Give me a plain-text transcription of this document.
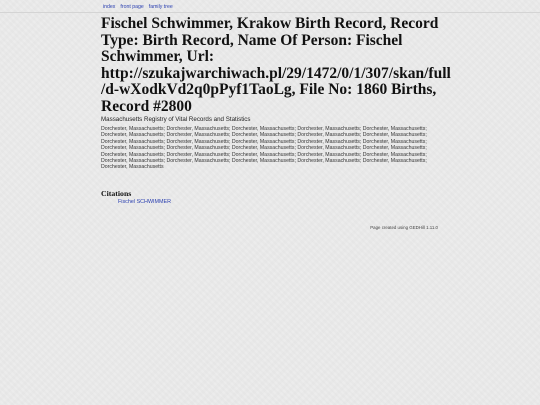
index front page family tree
Fischel Schwimmer, Krakow Birth Record, Record Type: Birth Record, Name Of Person: Fischel Schwimmer, Url: http://szukajwarchiwach.pl/29/1472/0/1/307/skan/full/d-wXodkVd2q0pPyf1TaoLg, File No: 1860 Births, Record #2800
Massachusetts Registry of Vital Records and Statistics
Dorchester, Massachusetts; Dorchester, Massachusetts; Dorchester, Massachusetts; Dorchester, Massachusetts; Dorchester, Massachusetts; Dorchester, Massachusetts; Dorchester, Massachusetts; Dorchester, Massachusetts; Dorchester, Massachusetts; Dorchester, Massachusetts; Dorchester, Massachusetts; Dorchester, Massachusetts; Dorchester, Massachusetts; Dorchester, Massachusetts; Dorchester, Massachusetts; Dorchester, Massachusetts; Dorchester, Massachusetts; Dorchester, Massachusetts; Dorchester, Massachusetts; Dorchester, Massachusetts; Dorchester, Massachusetts; Dorchester, Massachusetts; Dorchester, Massachusetts; Dorchester, Massachusetts; Dorchester, Massachusetts; Dorchester, Massachusetts; Dorchester, Massachusetts; Dorchester, Massachusetts; Dorchester, Massachusetts; Dorchester, Massachusetts; Dorchester, Massachusetts
Citations
Fischel SCHWIMMER
Page created using GEDHill 1.11.0
